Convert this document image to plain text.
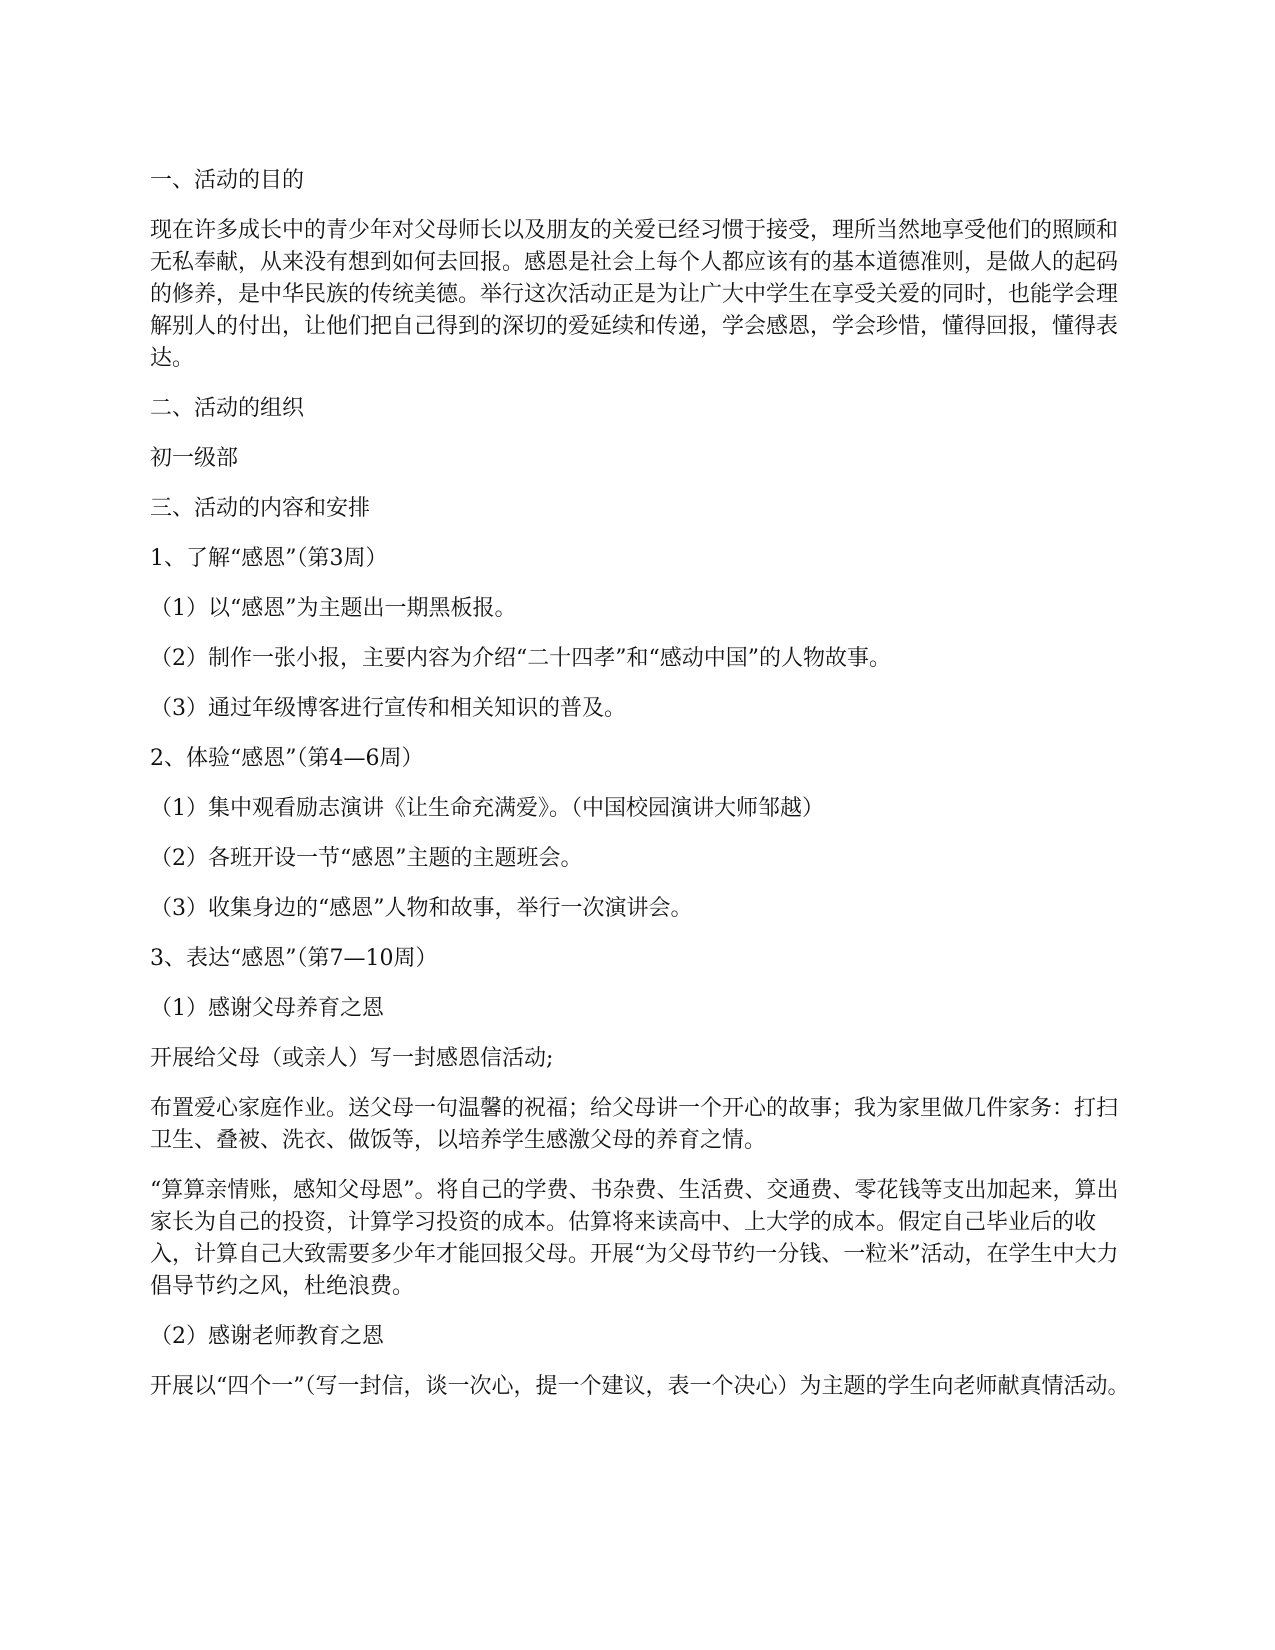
一、活动的目的

现在许多成长中的青少年对父母师长以及朋友的关爱已经习惯于接受，理所当然地享受他们的照顾和无私奉献，从来没有想到如何去回报。感恩是社会上每个人都应该有的基本道德准则，是做人的起码的修养，是中华民族的传统美德。举行这次活动正是为让广大中学生在享受关爱的同时，也能学会理解别人的付出，让他们把自己得到的深切的爱延续和传递，学会感恩，学会珍惜，懂得回报，懂得表达。

二、活动的组织

初一级部

三、活动的内容和安排

1、了解“感恩”（第3周）

（1）以“感恩”为主题出一期黑板报。

（2）制作一张小报，主要内容为介绍“二十四孝”和“感动中国”的人物故事。

（3）通过年级博客进行宣传和相关知识的普及。

2、体验“感恩”（第4—6周）

（1）集中观看励志演讲《让生命充满爱》。（中国校园演讲大师邹越）

（2）各班开设一节“感恩”主题的主题班会。

（3）收集身边的“感恩”人物和故事，举行一次演讲会。

3、表达“感恩”（第7—10周）

（1）感谢父母养育之恩

开展给父母（或亲人）写一封感恩信活动;

布置爱心家庭作业。送父母一句温馨的祝福；给父母讲一个开心的故事；我为家里做几件家务：打扫卫生、叠被、洗衣、做饭等，以培养学生感激父母的养育之情。

“算算亲情账，感知父母恩”。将自己的学费、书杂费、生活费、交通费、零花钱等支出加起来，算出家长为自己的投资，计算学习投资的成本。估算将来读高中、上大学的成本。假定自己毕业后的收入，计算自己大致需要多少年才能回报父母。开展“为父母节约一分钱、一粒米”活动，在学生中大力倡导节约之风，杜绝浪费。

（2）感谢老师教育之恩

开展以“四个一”（写一封信，谈一次心，提一个建议，表一个决心）为主题的学生向老师献真情活动。
